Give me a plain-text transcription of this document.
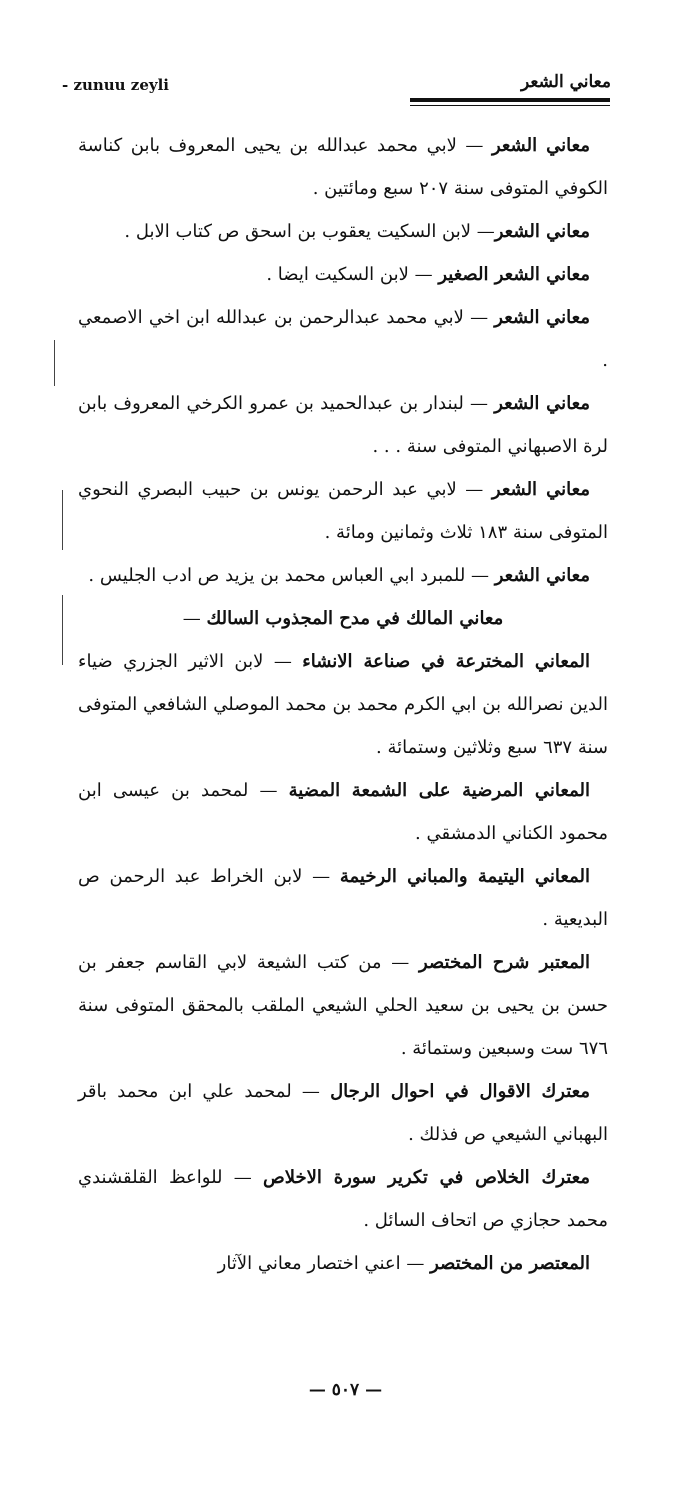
- zunuu zeyli	معاني الشعر

معاني الشعر — لابي محمد عبدالله بن يحيى المعروف بابن كناسة الكوفي المتوفى سنة ٢٠٧ سبع ومائتين .

معاني الشعر— لابن السكيت يعقوب بن اسحق ص كتاب الابل .

معاني الشعر الصغير — لابن السكيت ايضا .

معاني الشعر — لابي محمد عبدالرحمن بن عبدالله ابن اخي الاصمعي .

معاني الشعر — لبندار بن عبدالحميد بن عمرو الكرخي المعروف بابن لرة الاصبهاني المتوفى سنة . . .

معاني الشعر — لابي عبد الرحمن يونس بن حبيب البصري النحوي المتوفى سنة ١٨٣ ثلاث وثمانين ومائة .

معاني الشعر — للمبرد ابي العباس محمد بن يزيد ص ادب الجليس .

معاني المالك في مدح المجذوب السالك —

المعاني المخترعة في صناعة الانشاء — لابن الاثير الجزري ضياء الدين نصرالله بن ابي الكرم محمد بن محمد الموصلي الشافعي المتوفى سنة ٦٣٧ سبع وثلاثين وستمائة .

المعاني المرضية على الشمعة المضية — لمحمد بن عيسى ابن محمود الكناني الدمشقي .

المعاني اليتيمة والمباني الرخيمة — لابن الخراط عبد الرحمن ص البديعية .

المعتبر شرح المختصر — من كتب الشيعة لابي القاسم جعفر بن حسن بن يحيى بن سعيد الحلي الشيعي الملقب بالمحقق المتوفى سنة ٦٧٦ ست وسبعين وستمائة .

معترك الاقوال في احوال الرجال — لمحمد علي ابن محمد باقر البهباني الشيعي ص فذلك .

معترك الخلاص في تكرير سورة الاخلاص — للواعظ القلقشندي محمد حجازي ص اتحاف السائل .

المعتصر من المختصر — اعني اختصار معاني الآثار

— ٥٠٧ —
